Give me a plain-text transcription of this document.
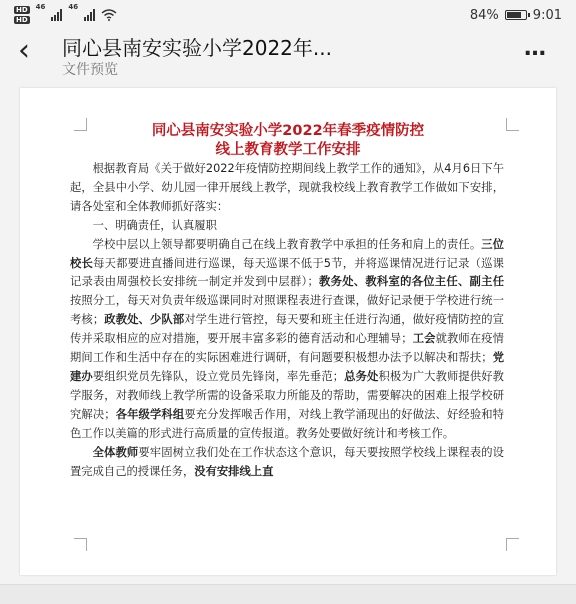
HD
HD
46	46
84%	9:01
‹ 同心县南安实验小学2022年...
文件预览
…
同心县南安实验小学2022年春季疫情防控
线上教育教学工作安排

根据教育局《关于做好2022年疫情防控期间线上教学工作的通知》，从4月6日下午起，全县中小学、幼儿园一律开展线上教学，现就我校线上教育教学工作做如下安排，请各处室和全体教师抓好落实：

一、明确责任，认真履职

学校中层以上领导都要明确自己在线上教育教学中承担的任务和肩上的责任。三位校长每天都要进直播间进行巡课，每天巡课不低于5节，并将巡课情况进行记录（巡课记录表由周强校长安排统一制定并发到中层群）；教务处、教科室的各位主任、副主任按照分工，每天对负责年级巡课同时对照课程表进行查课，做好记录便于学校进行统一考核；政教处、少队部对学生进行管控，每天要和班主任进行沟通，做好疫情防控的宣传并采取相应的应对措施，要开展丰富多彩的德育活动和心理辅导；工会就教师在疫情期间工作和生活中存在的实际困难进行调研，有问题要积极想办法予以解决和帮扶；党建办要组织党员先锋队，设立党员先锋岗，率先垂范；总务处积极为广大教师提供好教学服务，对教师线上教学所需的设备采取力所能及的帮助，需要解决的困难上报学校研究解决；各年级学科组要充分发挥喉舌作用，对线上教学涌现出的好做法、好经验和特色工作以美篇的形式进行高质量的宣传报道。教务处要做好统计和考核工作。

全体教师要牢固树立我们处在工作状态这个意识，每天要按照学校线上课程表的设置完成自己的授课任务，没有安排线上直
